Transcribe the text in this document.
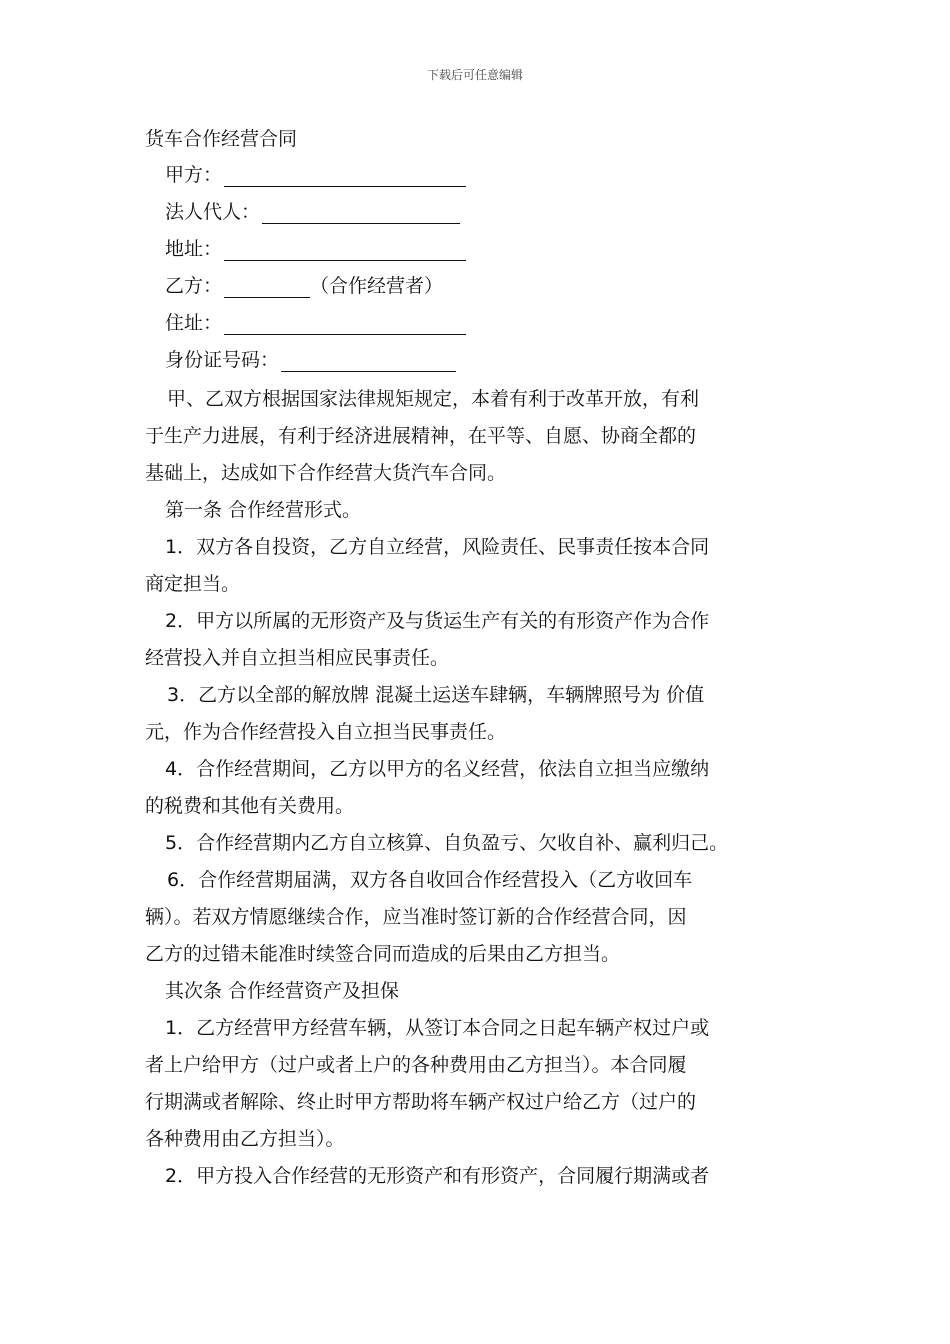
下载后可任意编辑
货车合作经营合同
甲方：
法人代人：
地址：
乙方：	（合作经营者）
住址：
身份证号码：
甲、乙双方根据国家法律规矩规定，本着有利于改革开放，有利
于生产力进展，有利于经济进展精神，在平等、自愿、协商全都的
基础上，达成如下合作经营大货汽车合同。
第一条 合作经营形式。
1．双方各自投资，乙方自立经营，风险责任、民事责任按本合同
商定担当。
2．甲方以所属的无形资产及与货运生产有关的有形资产作为合作
经营投入并自立担当相应民事责任。
3．乙方以全部的解放牌 混凝土运送车肆辆，车辆牌照号为 价值
元，作为合作经营投入自立担当民事责任。
4．合作经营期间，乙方以甲方的名义经营，依法自立担当应缴纳
的税费和其他有关费用。
5．合作经营期内乙方自立核算、自负盈亏、欠收自补、赢利归己。
6．合作经营期届满，双方各自收回合作经营投入（乙方收回车
辆）。若双方情愿继续合作，应当准时签订新的合作经营合同，因
乙方的过错未能准时续签合同而造成的后果由乙方担当。
其次条 合作经营资产及担保
1．乙方经营甲方经营车辆，从签订本合同之日起车辆产权过户或
者上户给甲方（过户或者上户的各种费用由乙方担当）。本合同履
行期满或者解除、终止时甲方帮助将车辆产权过户给乙方（过户的
各种费用由乙方担当）。
2．甲方投入合作经营的无形资产和有形资产，合同履行期满或者
